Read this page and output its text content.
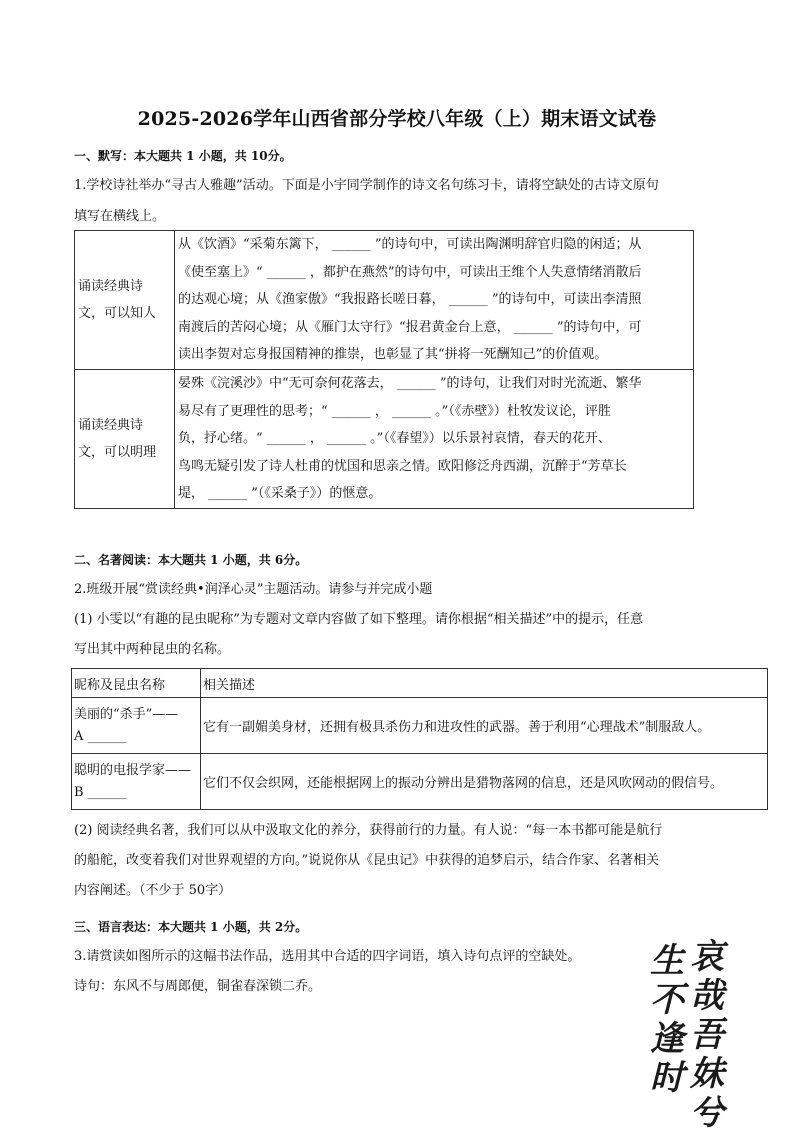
2025-2026学年山西省部分学校八年级（上）期末语文试卷
一、默写：本大题共 1 小题，共 10分。
1.学校诗社举办“寻古人雅趣”活动。下面是小宇同学制作的诗文名句练习卡，请将空缺处的古诗文原句
填写在横线上。
诵读经典诗
文，可以知人	从《饮酒》“采菊东篱下， ______ ”的诗句中，可读出陶渊明辞官归隐的闲适；从
《使至塞上》“ ______ ，都护在燕然”的诗句中，可读出王维个人失意情绪消散后
的达观心境；从《渔家傲》“我报路长嗟日暮， ______ ”的诗句中，可读出李清照
南渡后的苦闷心境；从《雁门太守行》“报君黄金台上意， ______ ”的诗句中，可
读出李贺对忘身报国精神的推崇，也彰显了其“拼将一死酬知己”的价值观。

诵读经典诗
文，可以明理	晏殊《浣溪沙》中“无可奈何花落去， ______ ”的诗句，让我们对时光流逝、繁华
易尽有了更理性的思考；“ ______ ， ______ 。”（《赤壁》）杜牧发议论，评胜
负，抒心绪。“ ______ ， ______ 。”（《春望》）以乐景衬哀情，春天的花开、
鸟鸣无疑引发了诗人杜甫的忧国和思亲之情。欧阳修泛舟西湖，沉醉于“芳草长
堤， ______ ”（《采桑子》）的惬意。
二、名著阅读：本大题共 1 小题，共 6分。
2.班级开展“赏读经典•润泽心灵”主题活动。请参与并完成小题
(1) 小雯以“有趣的昆虫昵称”为专题对文章内容做了如下整理。请你根据“相关描述”中的提示，任意
写出其中两种昆虫的名称。
昵称及昆虫名称	相关描述

美丽的“杀手”——
A ______	它有一副媚美身材，还拥有极具杀伤力和进攻性的武器。善于利用“心理战术”制服敌人。

聪明的电报学家——
B ______	它们不仅会织网，还能根据网上的振动分辨出是猎物落网的信息，还是风吹网动的假信号。
(2) 阅读经典名著，我们可以从中汲取文化的养分，获得前行的力量。有人说：“每一本书都可能是航行
的船舵，改变着我们对世界观望的方向。”说说你从《昆虫记》中获得的追梦启示，结合作家、名著相关
内容阐述。（不少于 50字）
三、语言表达：本大题共 1 小题，共 2分。
3.请赏读如图所示的这幅书法作品，选用其中合适的四字词语，填入诗句点评的空缺处。
诗句：东风不与周郎便，铜雀春深锁二乔。
哀
哉
吾
妹
兮
生
不
逢
时
